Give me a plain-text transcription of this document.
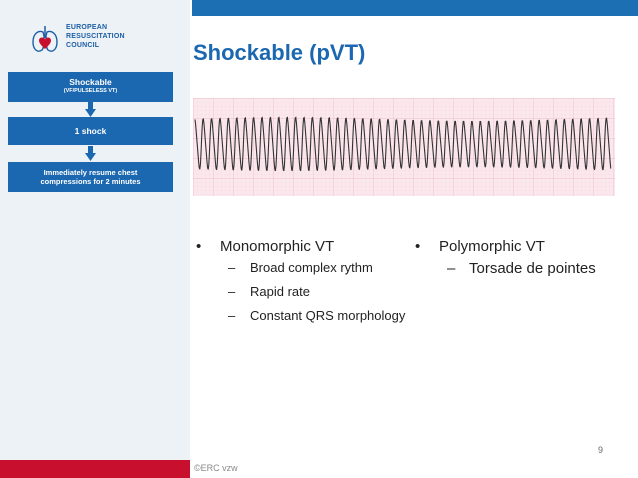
EUROPEAN
RESUSCITATION
COUNCIL
Shockable
(VF/PULSELESS VT)
1 shock
Immediately resume chest
compressions for 2 minutes
Shockable (pVT)
• Monomorphic VT
– Broad complex rythm
– Rapid rate
– Constant QRS morphology
• Polymorphic VT
– Torsade de pointes
9
©ERC vzw
